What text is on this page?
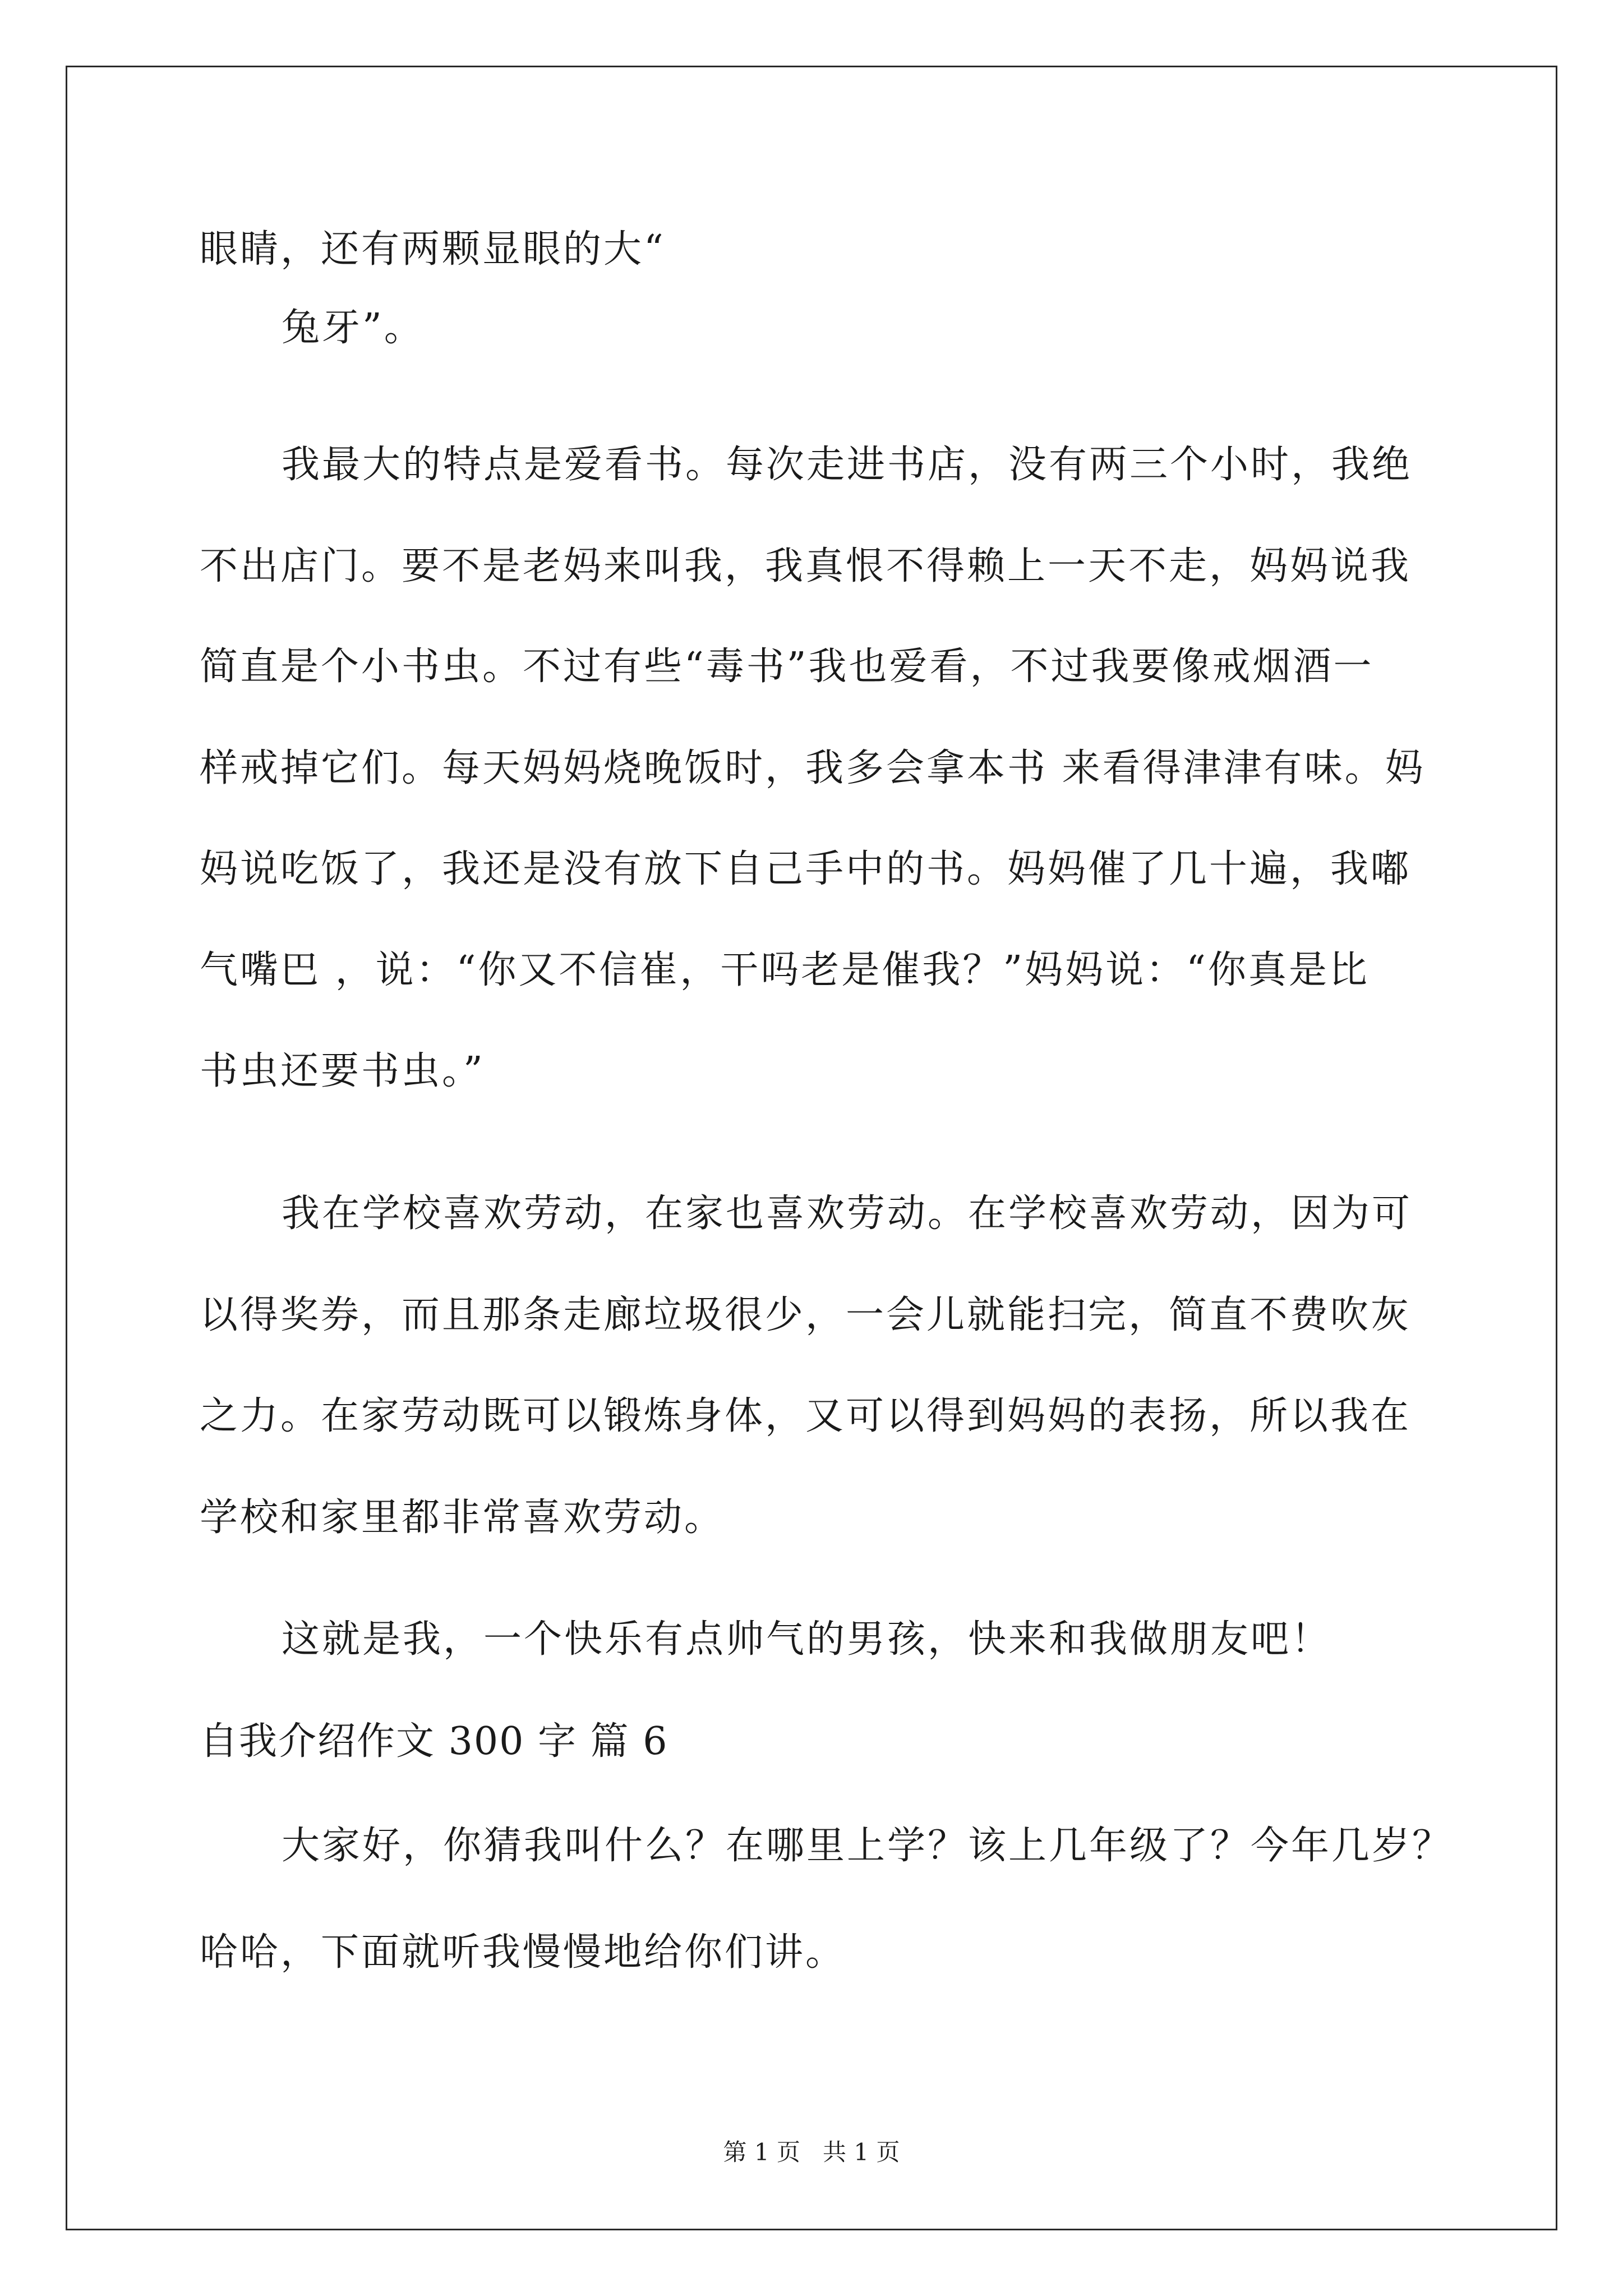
眼睛，还有两颗显眼的大“
兔牙”。
我最大的特点是爱看书。每次走进书店，没有两三个小时，我绝
不出店门。要不是老妈来叫我，我真恨不得赖上一天不走，妈妈说我
简直是个小书虫。不过有些“毒书”我也爱看，不过我要像戒烟酒一
样戒掉它们。每天妈妈烧晚饭时，我多会拿本书 来看得津津有味。妈
妈说吃饭了，我还是没有放下自己手中的书。妈妈催了几十遍，我嘟
气嘴巴 ，说：“你又不信崔，干吗老是催我？”妈妈说：“你真是比
书虫还要书虫。”
我在学校喜欢劳动，在家也喜欢劳动。在学校喜欢劳动，因为可
以得奖券，而且那条走廊垃圾很少，一会儿就能扫完，简直不费吹灰
之力。在家劳动既可以锻炼身体，又可以得到妈妈的表扬，所以我在
学校和家里都非常喜欢劳动。
这就是我，一个快乐有点帅气的男孩，快来和我做朋友吧！
自我介绍作文 300 字 篇 6
大家好，你猜我叫什么？在哪里上学？该上几年级了？今年几岁？
哈哈，下面就听我慢慢地给你们讲。
第 1 页   共 1 页
